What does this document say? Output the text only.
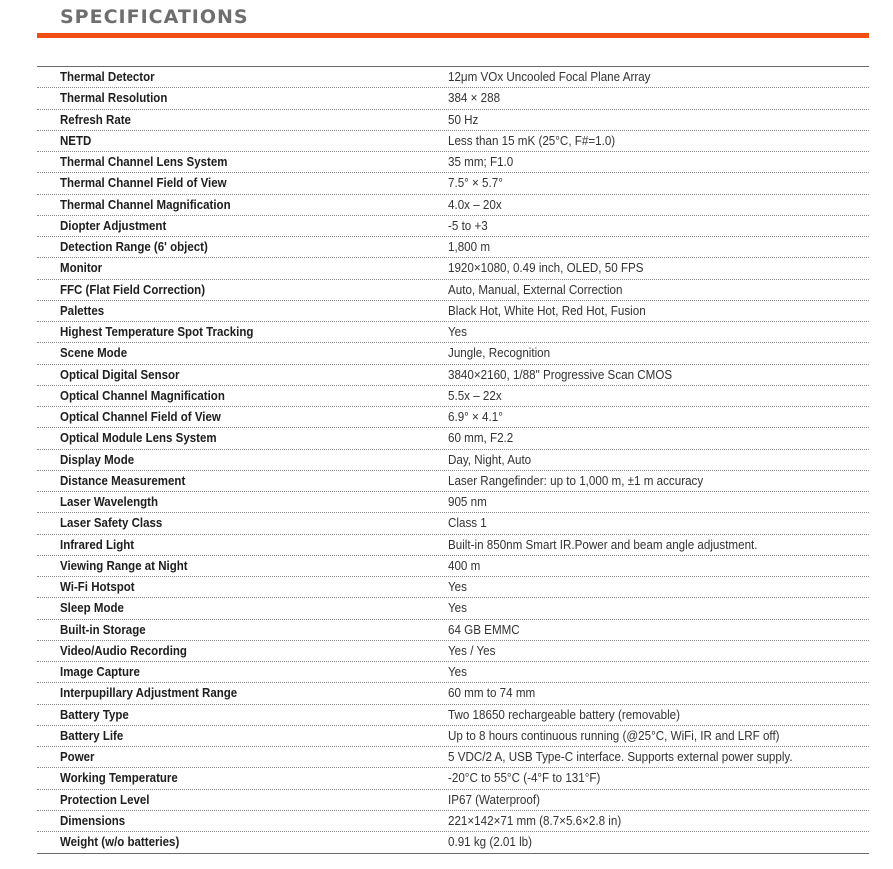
SPECIFICATIONS
Thermal Detector	12μm VOx Uncooled Focal Plane Array
Thermal Resolution	384 × 288
Refresh Rate	50 Hz
NETD	Less than 15 mK (25°C, F#=1.0)
Thermal Channel Lens System	35 mm; F1.0
Thermal Channel Field of View	7.5° × 5.7°
Thermal Channel Magnification	4.0x – 20x
Diopter Adjustment	-5 to +3
Detection Range (6' object)	1,800 m
Monitor	1920×1080, 0.49 inch, OLED, 50 FPS
FFC (Flat Field Correction)	Auto, Manual, External Correction
Palettes	Black Hot, White Hot, Red Hot, Fusion
Highest Temperature Spot Tracking	Yes
Scene Mode	Jungle, Recognition
Optical Digital Sensor	3840×2160, 1/88" Progressive Scan CMOS
Optical Channel Magnification	5.5x – 22x
Optical Channel Field of View	6.9° × 4.1°
Optical Module Lens System	60 mm, F2.2
Display Mode	Day, Night, Auto
Distance Measurement	Laser Rangefinder: up to 1,000 m, ±1 m accuracy
Laser Wavelength	905 nm
Laser Safety Class	Class 1
Infrared Light	Built-in 850nm Smart IR.Power and beam angle adjustment.
Viewing Range at Night	400 m
Wi-Fi Hotspot	Yes
Sleep Mode	Yes
Built-in Storage	64 GB EMMC
Video/Audio Recording	Yes / Yes
Image Capture	Yes
Interpupillary Adjustment Range	60 mm to 74 mm
Battery Type	Two 18650 rechargeable battery (removable)
Battery Life	Up to 8 hours continuous running (@25°C, WiFi, IR and LRF off)
Power	5 VDC/2 A, USB Type-C interface. Supports external power supply.
Working Temperature	-20°C to 55°C (-4°F to 131°F)
Protection Level	IP67 (Waterproof)
Dimensions	221×142×71 mm (8.7×5.6×2.8 in)
Weight (w/o batteries)	0.91 kg (2.01 lb)
